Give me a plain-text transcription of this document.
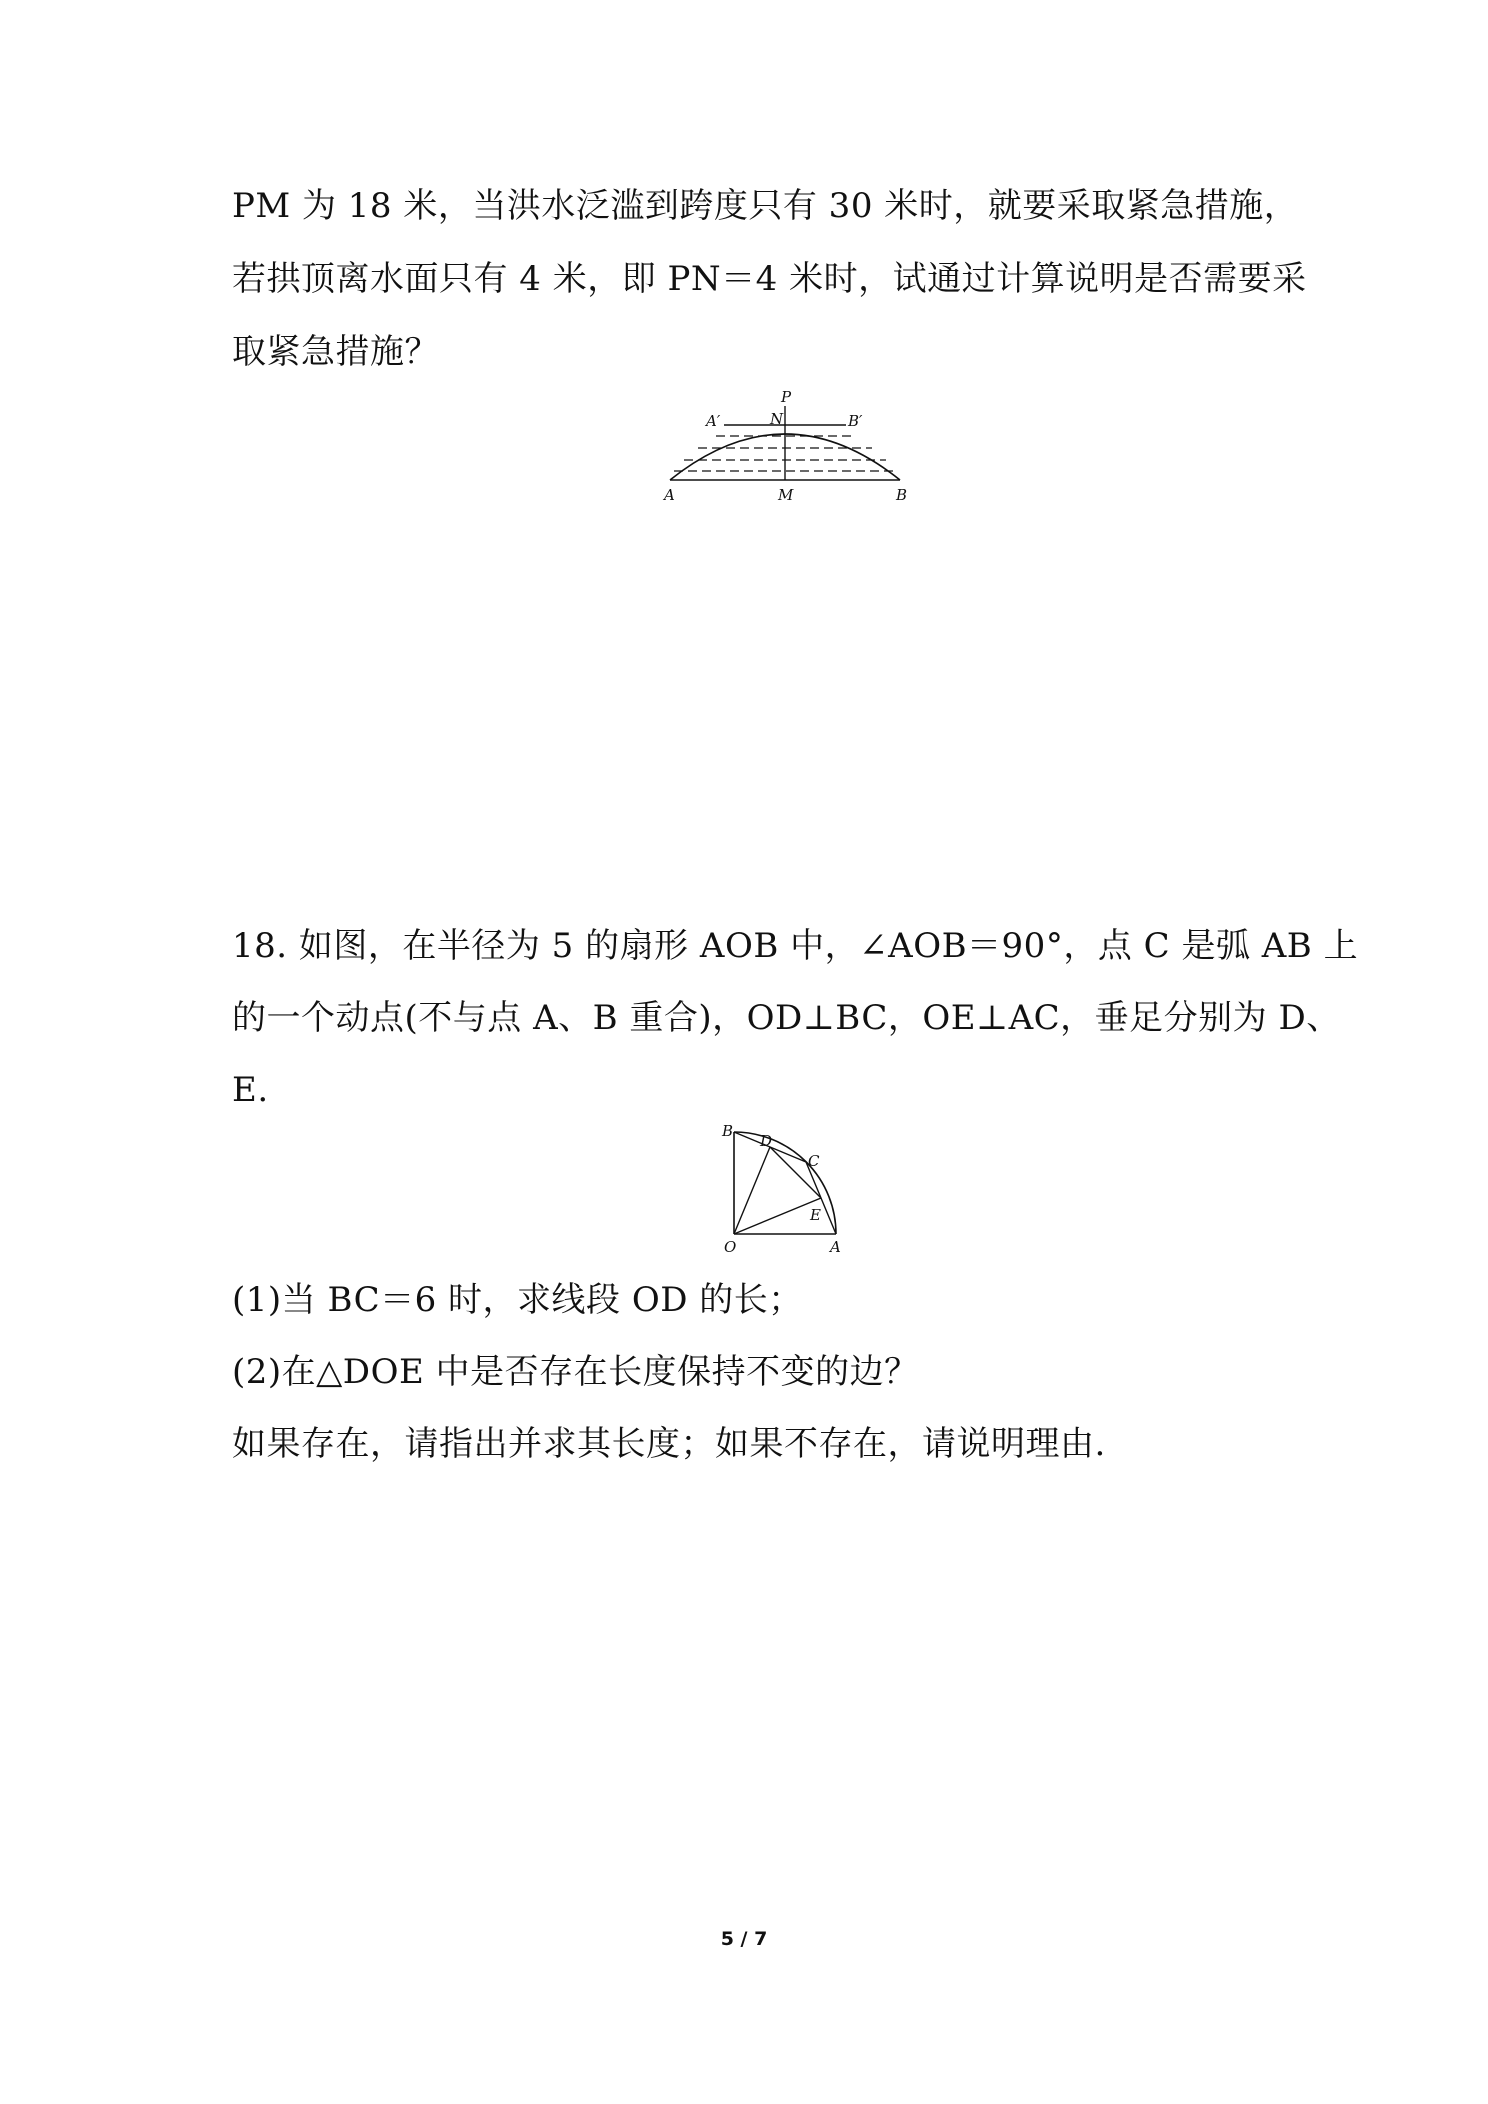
PM 为 18 米，当洪水泛滥到跨度只有 30 米时，就要采取紧急措施，

若拱顶离水面只有 4 米，即 PN＝4 米时，试通过计算说明是否需要采

取紧急措施？

P
N
A′	B′
A	M	B

18. 如图，在半径为 5 的扇形 AOB 中，∠AOB＝90°，点 C 是弧 AB 上

的一个动点(不与点 A、B 重合)，OD⊥BC，OE⊥AC，垂足分别为 D、

E.

B
D
C
E
O	A

(1)当 BC＝6 时，求线段 OD 的长；

(2)在△DOE 中是否存在长度保持不变的边？

如果存在，请指出并求其长度；如果不存在，请说明理由.

5 / 7
